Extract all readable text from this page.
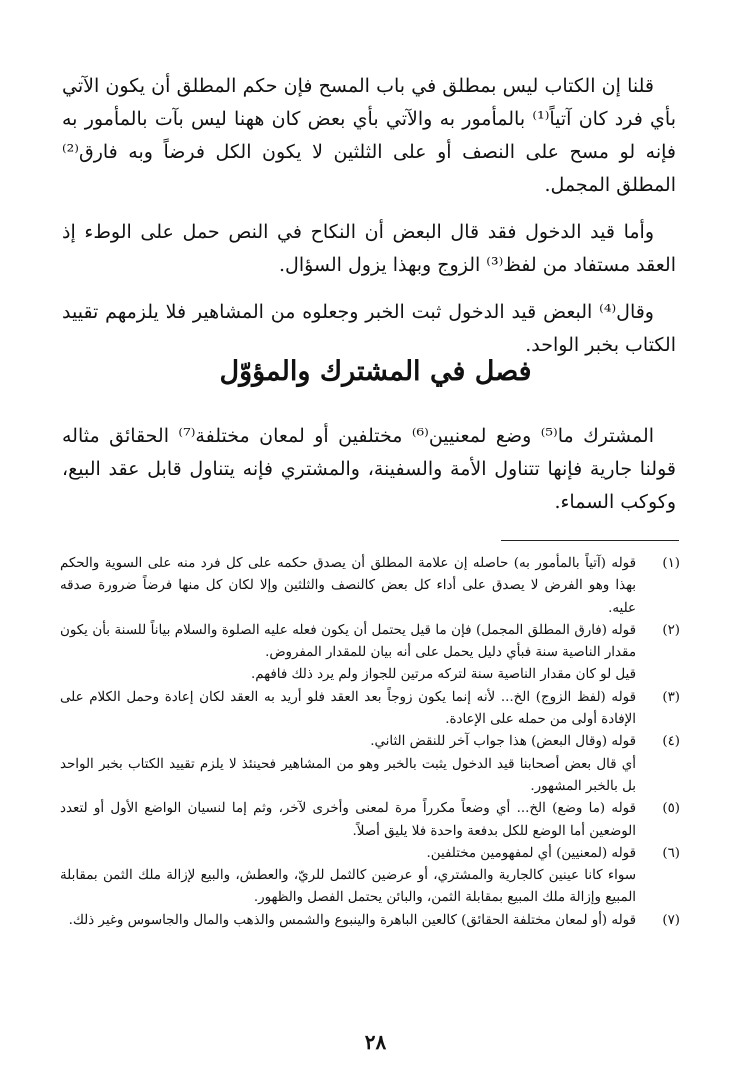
قلنا إن الكتاب ليس بمطلق في باب المسح فإن حكم المطلق أن يكون الآتي بأي فرد كان آتياً⁽¹⁾ بالمأمور به والآتي بأي بعض كان ههنا ليس بآت بالمأمور به فإنه لو مسح على النصف أو على الثلثين لا يكون الكل فرضاً وبه فارق⁽²⁾ المطلق المجمل.

وأما قيد الدخول فقد قال البعض أن النكاح في النص حمل على الوطء إذ العقد مستفاد من لفظ⁽³⁾ الزوج وبهذا يزول السؤال.

وقال⁽⁴⁾ البعض قيد الدخول ثبت الخبر وجعلوه من المشاهير فلا يلزمهم تقييد الكتاب بخبر الواحد.

فصل في المشترك والمؤوّل

المشترك ما⁽⁵⁾ وضع لمعنيين⁽⁶⁾ مختلفين أو لمعان مختلفة⁽⁷⁾ الحقائق مثاله قولنا جارية فإنها تتناول الأمة والسفينة، والمشتري فإنه يتناول قابل عقد البيع، وكوكب السماء.

(١)
قوله (آتياً بالمأمور به) حاصله إن علامة المطلق أن يصدق حكمه على كل فرد منه على السوية والحكم بهذا وهو الفرض لا يصدق على أداء كل بعض كالنصف والثلثين وإلا لكان كل منها فرضاً ضرورة صدقه عليه.
(٢)
قوله (فارق المطلق المجمل) فإن ما قيل يحتمل أن يكون فعله عليه الصلوة والسلام بياناً للسنة بأن يكون مقدار الناصية سنة فبأي دليل يحمل على أنه بيان للمقدار المفروض.
قيل لو كان مقدار الناصية سنة لتركه مرتين للجواز ولم يرد ذلك فافهم.
(٣)
قوله (لفظ الزوج) الخ... لأنه إنما يكون زوجاً بعد العقد فلو أريد به العقد لكان إعادة وحمل الكلام على الإفادة أولى من حمله على الإعادة.
(٤)
قوله (وقال البعض) هذا جواب آخر للنقض الثاني.
أي قال بعض أصحابنا قيد الدخول يثبت بالخبر وهو من المشاهير فحينئذ لا يلزم تقييد الكتاب بخبر الواحد بل بالخبر المشهور.
(٥)
قوله (ما وضع) الخ... أي وضعاً مكرراً مرة لمعنى وأخرى لآخر، وثم إما لنسيان الواضع الأول أو لتعدد الوضعين أما الوضع للكل بدفعة واحدة فلا يليق أصلاً.
(٦)
قوله (لمعنيين) أي لمفهومين مختلفين.
سواء كانا عينين كالجارية والمشتري، أو عرضين كالثمل للريّ، والعطش، والبيع لإزالة ملك الثمن بمقابلة المبيع وإزالة ملك المبيع بمقابلة الثمن، والبائن يحتمل الفصل والظهور.
(٧)
قوله (أو لمعان مختلفة الحقائق) كالعين الباهرة والينبوع والشمس والذهب والمال والجاسوس وغير ذلك.
٢٨
